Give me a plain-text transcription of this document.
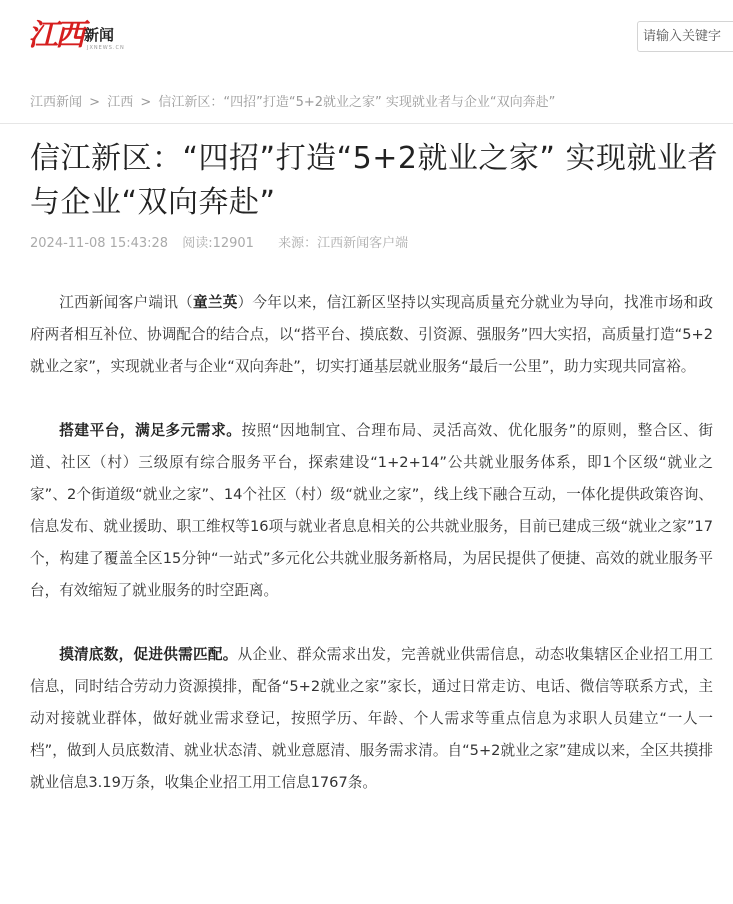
江西 新闻
JXNEWS.CN
请输入关键字
江西新闻 > 江西 > 信江新区：“四招”打造“5+2就业之家” 实现就业者与企业“双向奔赴”
信江新区：“四招”打造“5+2就业之家” 实现就业者与企业“双向奔赴”
2024-11-08 15:43:28 阅读:12901 来源：江西新闻客户端

江西新闻客户端讯（童兰英）今年以来，信江新区坚持以实现高质量充分就业为导向，找准市场和政府两者相互补位、协调配合的结合点，以“搭平台、摸底数、引资源、强服务”四大实招，高质量打造“5+2就业之家”，实现就业者与企业“双向奔赴”，切实打通基层就业服务“最后一公里”，助力实现共同富裕。

搭建平台，满足多元需求。按照“因地制宜、合理布局、灵活高效、优化服务”的原则，整合区、街道、社区（村）三级原有综合服务平台，探索建设“1+2+14”公共就业服务体系，即1个区级“就业之家”、2个街道级“就业之家”、14个社区（村）级“就业之家”，线上线下融合互动，一体化提供政策咨询、信息发布、就业援助、职工维权等16项与就业者息息相关的公共就业服务，目前已建成三级“就业之家”17个，构建了覆盖全区15分钟“一站式”多元化公共就业服务新格局，为居民提供了便捷、高效的就业服务平台，有效缩短了就业服务的时空距离。

摸清底数，促进供需匹配。从企业、群众需求出发，完善就业供需信息，动态收集辖区企业招工用工信息，同时结合劳动力资源摸排，配备“5+2就业之家”家长，通过日常走访、电话、微信等联系方式，主动对接就业群体，做好就业需求登记，按照学历、年龄、个人需求等重点信息为求职人员建立“一人一档”，做到人员底数清、就业状态清、就业意愿清、服务需求清。自“5+2就业之家”建成以来，全区共摸排就业信息3.19万条，收集企业招工用工信息1767条。
